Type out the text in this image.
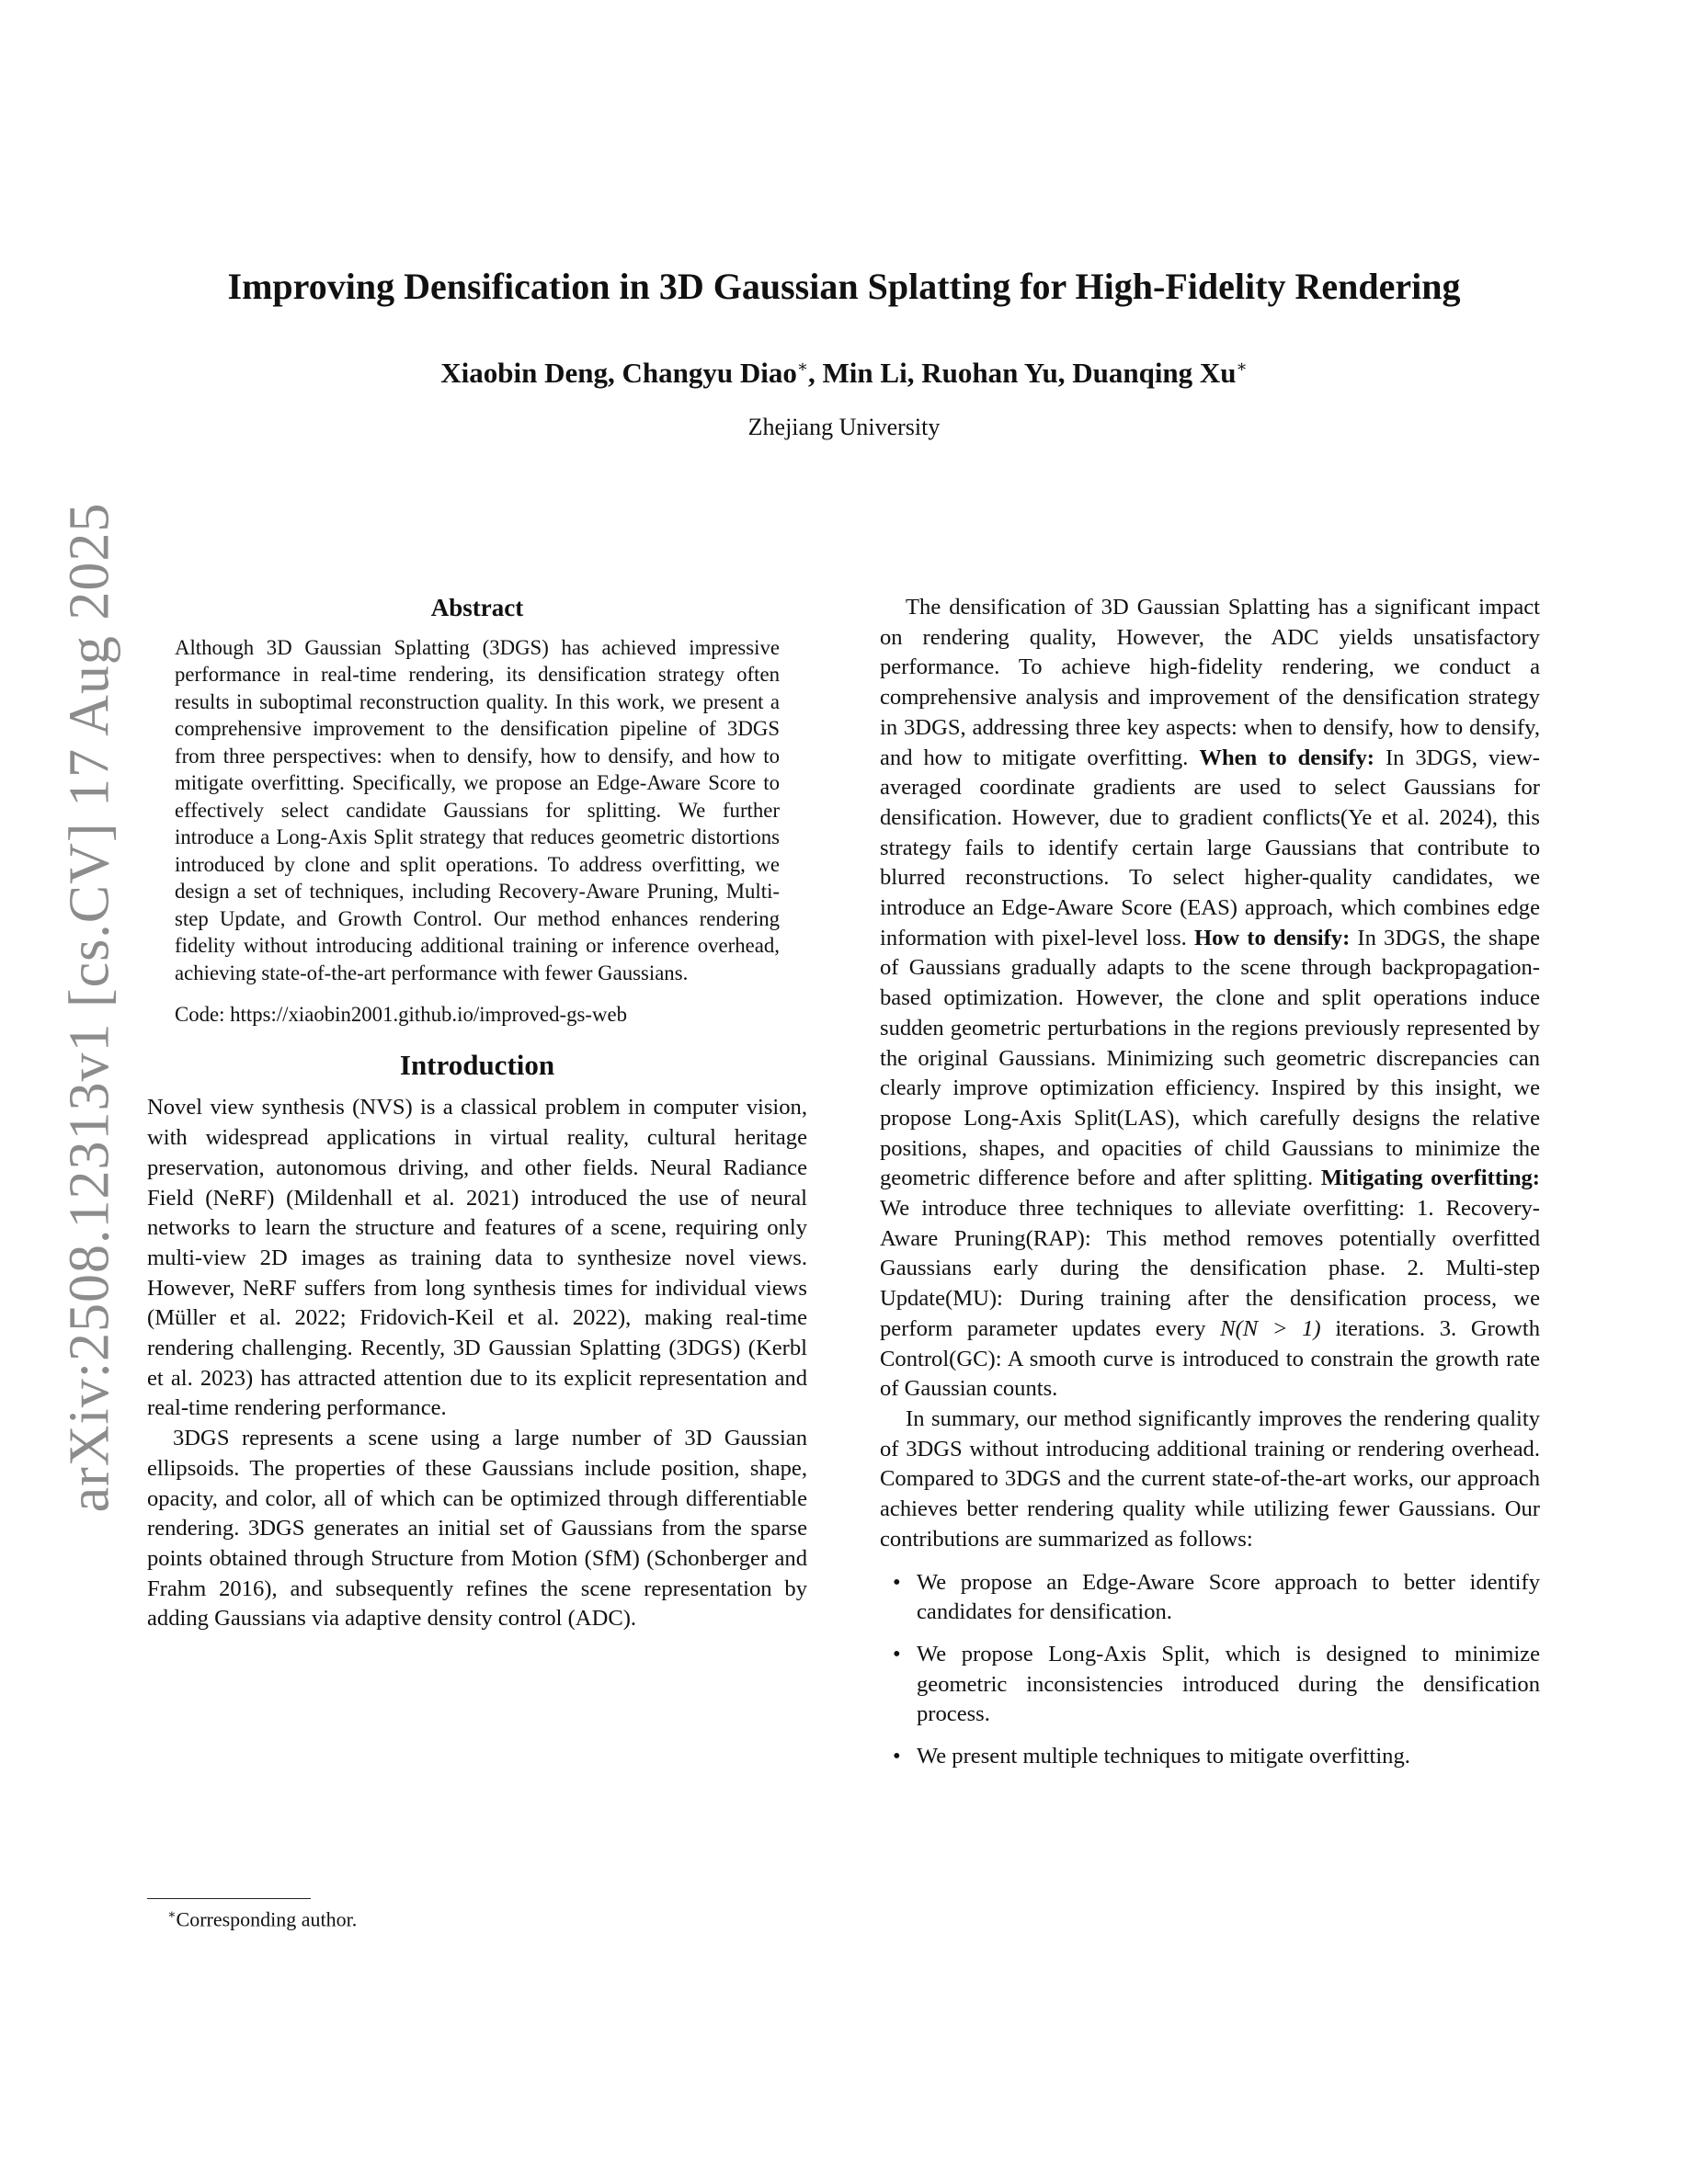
arXiv:2508.12313v1 [cs.CV] 17 Aug 2025
Improving Densification in 3D Gaussian Splatting for High-Fidelity Rendering
Xiaobin Deng, Changyu Diao∗, Min Li, Ruohan Yu, Duanqing Xu∗
Zhejiang University
Abstract

Although 3D Gaussian Splatting (3DGS) has achieved impressive performance in real-time rendering, its densification strategy often results in suboptimal reconstruction quality. In this work, we present a comprehensive improvement to the densification pipeline of 3DGS from three perspectives: when to densify, how to densify, and how to mitigate overfitting. Specifically, we propose an Edge-Aware Score to effectively select candidate Gaussians for splitting. We further introduce a Long-Axis Split strategy that reduces geometric distortions introduced by clone and split operations. To address overfitting, we design a set of techniques, including Recovery-Aware Pruning, Multi-step Update, and Growth Control. Our method enhances rendering fidelity without introducing additional training or inference overhead, achieving state-of-the-art performance with fewer Gaussians.

Code: https://xiaobin2001.github.io/improved-gs-web

Introduction

Novel view synthesis (NVS) is a classical problem in computer vision, with widespread applications in virtual reality, cultural heritage preservation, autonomous driving, and other fields. Neural Radiance Field (NeRF) (Mildenhall et al. 2021) introduced the use of neural networks to learn the structure and features of a scene, requiring only multi-view 2D images as training data to synthesize novel views. However, NeRF suffers from long synthesis times for individual views (Müller et al. 2022; Fridovich-Keil et al. 2022), making real-time rendering challenging. Recently, 3D Gaussian Splatting (3DGS) (Kerbl et al. 2023) has attracted attention due to its explicit representation and real-time rendering performance.

3DGS represents a scene using a large number of 3D Gaussian ellipsoids. The properties of these Gaussians include position, shape, opacity, and color, all of which can be optimized through differentiable rendering. 3DGS generates an initial set of Gaussians from the sparse points obtained through Structure from Motion (SfM) (Schonberger and Frahm 2016), and subsequently refines the scene representation by adding Gaussians via adaptive density control (ADC).

The densification of 3D Gaussian Splatting has a significant impact on rendering quality, However, the ADC yields unsatisfactory performance. To achieve high-fidelity rendering, we conduct a comprehensive analysis and improvement of the densification strategy in 3DGS, addressing three key aspects: when to densify, how to densify, and how to mitigate overfitting. When to densify: In 3DGS, view-averaged coordinate gradients are used to select Gaussians for densification. However, due to gradient conflicts(Ye et al. 2024), this strategy fails to identify certain large Gaussians that contribute to blurred reconstructions. To select higher-quality candidates, we introduce an Edge-Aware Score (EAS) approach, which combines edge information with pixel-level loss. How to densify: In 3DGS, the shape of Gaussians gradually adapts to the scene through backpropagation-based optimization. However, the clone and split operations induce sudden geometric perturbations in the regions previously represented by the original Gaussians. Minimizing such geometric discrepancies can clearly improve optimization efficiency. Inspired by this insight, we propose Long-Axis Split(LAS), which carefully designs the relative positions, shapes, and opacities of child Gaussians to minimize the geometric difference before and after splitting. Mitigating overfitting: We introduce three techniques to alleviate overfitting: 1. Recovery-Aware Pruning(RAP): This method removes potentially overfitted Gaussians early during the densification phase. 2. Multi-step Update(MU): During training after the densification process, we perform parameter updates every N(N > 1) iterations. 3. Growth Control(GC): A smooth curve is introduced to constrain the growth rate of Gaussian counts.

In summary, our method significantly improves the rendering quality of 3DGS without introducing additional training or rendering overhead. Compared to 3DGS and the current state-of-the-art works, our approach achieves better rendering quality while utilizing fewer Gaussians. Our contributions are summarized as follows:

• We propose an Edge-Aware Score approach to better identify candidates for densification.
• We propose Long-Axis Split, which is designed to minimize geometric inconsistencies introduced during the densification process.
• We present multiple techniques to mitigate overfitting.
∗Corresponding author.
